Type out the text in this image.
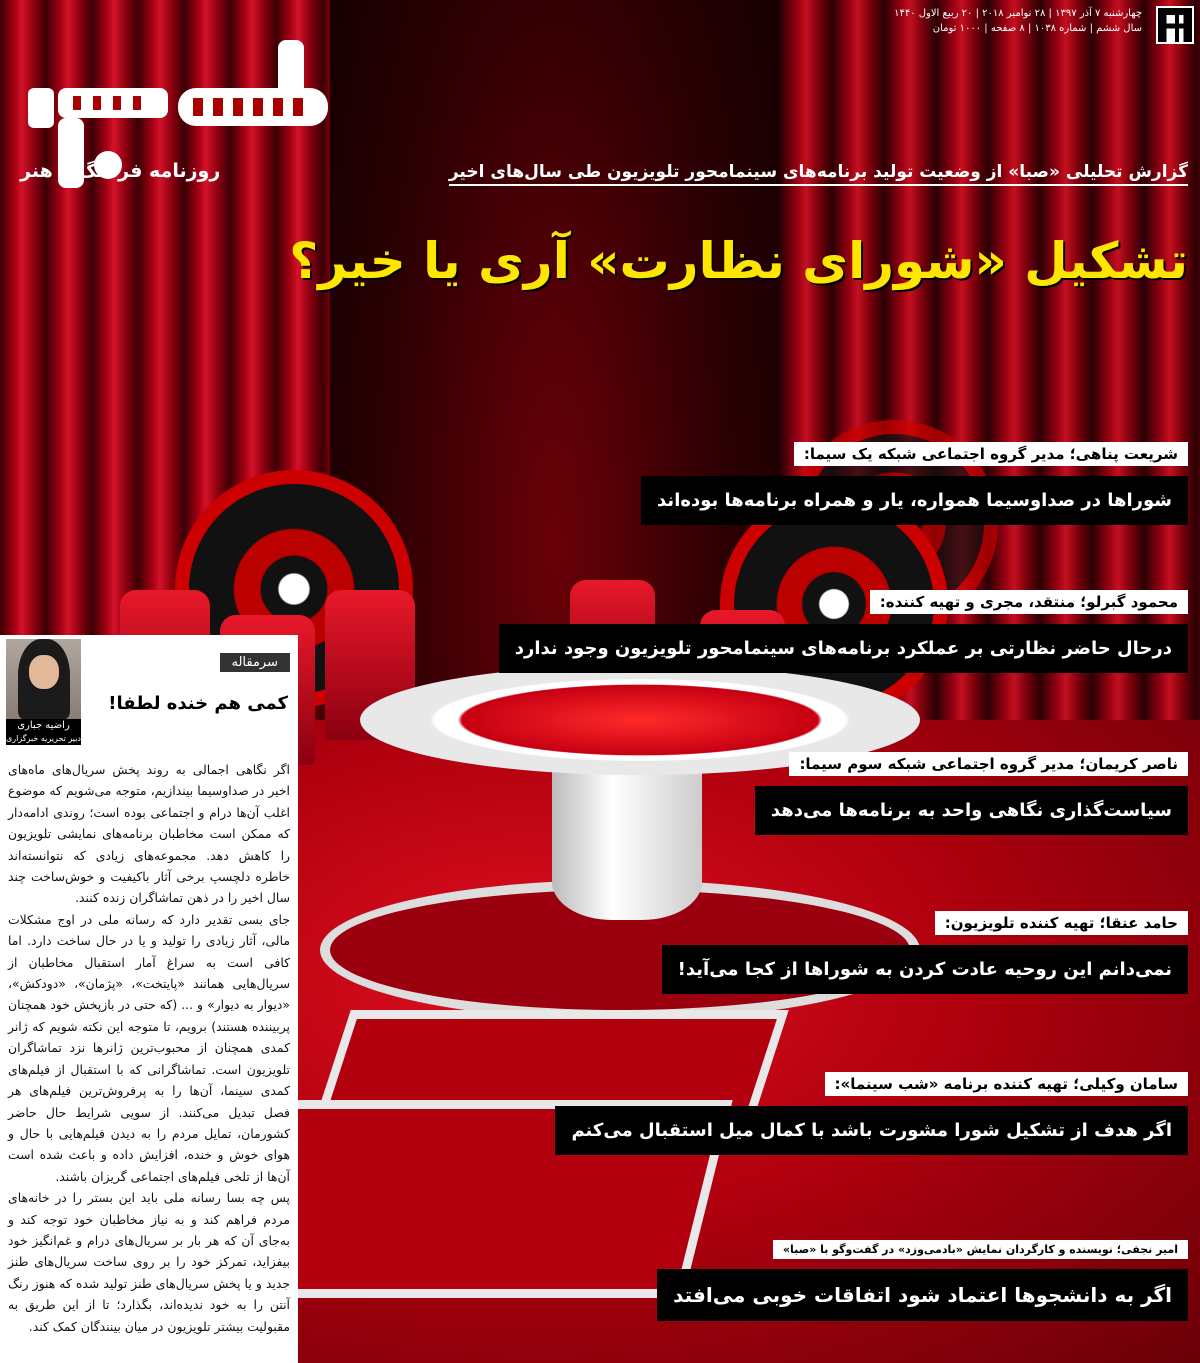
چهارشنبه ۷ آذر ۱۳۹۷ | ۲۸ نوامبر ۲۰۱۸ | ۲۰ ربیع الاول ۱۴۴۰
سال ششم | شماره ۱۰۳۸ | ۸ صفحه | ۱۰۰۰ تومان
روزنامه فرهنگ و هنر	گزارش تحلیلی «صبا» از وضعیت تولید برنامه‌های سینمامحور تلویزیون طی سال‌های اخیر
تشکیل «شورای نظارت» آری یا خیر؟
شریعت پناهی؛ مدیر گروه اجتماعی شبکه یک سیما:
شوراها در صداوسیما همواره، یار و همراه برنامه‌ها بوده‌اند
محمود گبرلو؛ منتقد، مجری و تهیه کننده:
درحال حاضر نظارتی بر عملکرد برنامه‌های سینمامحور تلویزیون وجود ندارد
ناصر کریمان؛ مدیر گروه اجتماعی شبکه سوم سیما:
سیاست‌گذاری نگاهی واحد به برنامه‌ها می‌دهد
حامد عنقا؛ تهیه کننده تلویزیون:
نمی‌دانم این روحیه عادت کردن به شوراها از کجا می‌آید!
سامان وکیلی؛ تهیه کننده برنامه «شب سینما»:
اگر هدف از تشکیل شورا مشورت باشد با کمال میل استقبال می‌کنم
امیر نجفی؛ نویسنده و کارگردان نمایش «بادمی‌وزد» در گفت‌وگو با «صبا»
اگر به دانشجوها اعتماد شود اتفاقات خوبی می‌افتد
راضیه جباری
دبیر تحریریه خبرگزاری
سرمقاله
کمی هم خنده لطفا!

اگر نگاهی اجمالی به روند پخش سریال‌های ماه‌های اخیر در صداوسیما بیندازیم، متوجه می‌شویم که موضوع اغلب آن‌ها درام و اجتماعی بوده است؛ روندی ادامه‌دار که ممکن است مخاطبان برنامه‌های نمایشی تلویزیون را کاهش دهد. مجموعه‌های زیادی که نتوانسته‌اند خاطره دلچسپ برخی آثار باکیفیت و خوش‌ساخت چند سال اخیر را در ذهن تماشاگران زنده کنند.

جای بسی تقدیر دارد که رسانه ملی در اوج مشکلات مالی، آثار زیادی را تولید و یا در حال ساخت دارد. اما کافی است به سراغ آمار استقبال مخاطبان از سریال‌هایی همانند «پایتخت»، «پژمان»، «دودکش»، «دیوار به دیوار» و ... (که حتی در بازپخش خود همچنان پربیننده هستند) برویم، تا متوجه این نکته شویم که ژانر کمدی همچنان از محبوب‌ترین ژانرها نزد تماشاگران تلویزیون است. تماشاگرانی که با استقبال از فیلم‌های کمدی سینما، آن‌ها را به پرفروش‌ترین فیلم‌های هر فصل تبدیل می‌کنند. از سویی شرایط حال حاضر کشورمان، تمایل مردم را به دیدن فیلم‌هایی با حال و هوای خوش و خنده، افزایش داده و باعث شده است آن‌ها از تلخی فیلم‌های اجتماعی گریزان باشند.

پس چه بسا رسانه ملی باید این بستر را در خانه‌های مردم فراهم کند و به نیاز مخاطبان خود توجه کند و به‌جای آن که هر بار بر سریال‌های درام و غم‌انگیز خود بیفزاید، تمرکز خود را بر روی ساخت سریال‌های طنز جدید و یا پخش سریال‌های طنز تولید شده که هنوز رنگ آنتن را به خود ندیده‌اند، بگذارد؛ تا از این طریق به مقبولیت بیشتر تلویزیون در میان بینندگان کمک کند.
